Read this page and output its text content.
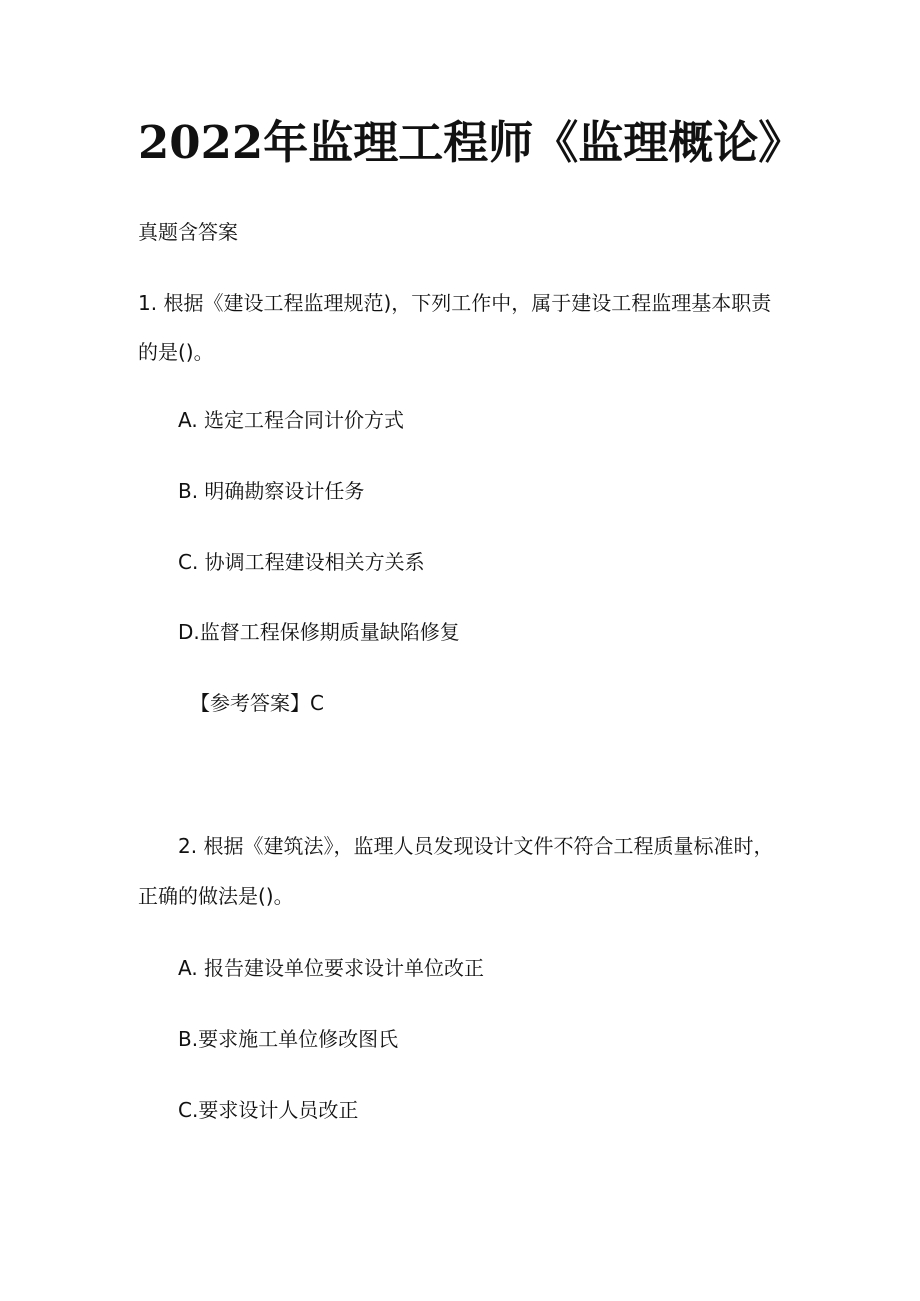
2022年监理工程师《监理概论》
真题含答案
1. 根据《建设工程监理规范)，下列工作中，属于建设工程监理基本职责
的是()。
A. 选定工程合同计价方式
B. 明确勘察设计任务
C. 协调工程建设相关方关系
D.监督工程保修期质量缺陷修复
【参考答案】C
2. 根据《建筑法》，监理人员发现设计文件不符合工程质量标准时，
正确的做法是()。
A. 报告建设单位要求设计单位改正
B.要求施工单位修改图氏
C.要求设计人员改正
